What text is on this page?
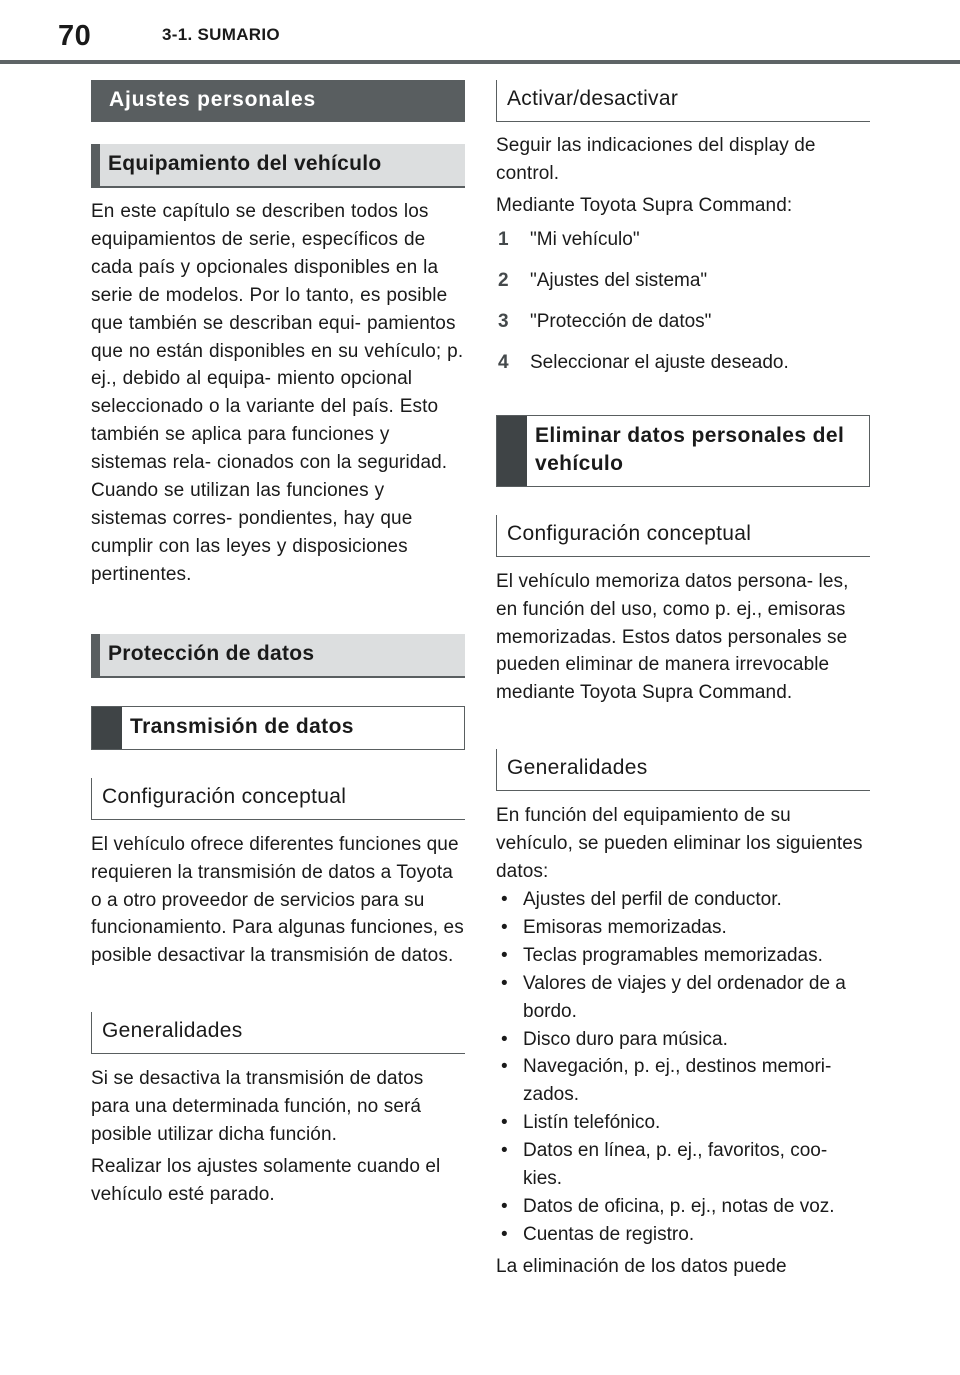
70	3-1. SUMARIO
Ajustes personales
Equipamiento del vehículo

En este capítulo se describen todos los equipamientos de serie, específicos de cada país y opcionales disponibles en la serie de modelos. Por lo tanto, es posible que también se describan equi- pamientos que no están disponibles en su vehículo; p. ej., debido al equipa- miento opcional seleccionado o la variante del país. Esto también se aplica para funciones y sistemas rela- cionados con la seguridad. Cuando se utilizan las funciones y sistemas corres- pondientes, hay que cumplir con las leyes y disposiciones pertinentes.

Protección de datos
Transmisión de datos
Configuración conceptual

El vehículo ofrece diferentes funciones que requieren la transmisión de datos a Toyota o a otro proveedor de servicios para su funcionamiento. Para algunas funciones, es posible desactivar la transmisión de datos.

Generalidades

Si se desactiva la transmisión de datos para una determinada función, no será posible utilizar dicha función.

Realizar los ajustes solamente cuando el vehículo esté parado.

Activar/desactivar

Seguir las indicaciones del display de control.

Mediante Toyota Supra Command:

1 "Mi vehículo"
2 "Ajustes del sistema"
3 "Protección de datos"
4 Seleccionar el ajuste deseado.
Eliminar datos personales del vehículo
Configuración conceptual

El vehículo memoriza datos persona- les, en función del uso, como p. ej., emisoras memorizadas. Estos datos personales se pueden eliminar de manera irrevocable mediante Toyota Supra Command.

Generalidades

En función del equipamiento de su vehículo, se pueden eliminar los siguientes datos:

• Ajustes del perfil de conductor.
• Emisoras memorizadas.
• Teclas programables memorizadas.
• Valores de viajes y del ordenador de a bordo.
• Disco duro para música.
• Navegación, p. ej., destinos memori- zados.
• Listín telefónico.
• Datos en línea, p. ej., favoritos, coo- kies.
• Datos de oficina, p. ej., notas de voz.
• Cuentas de registro.

La eliminación de los datos puede
